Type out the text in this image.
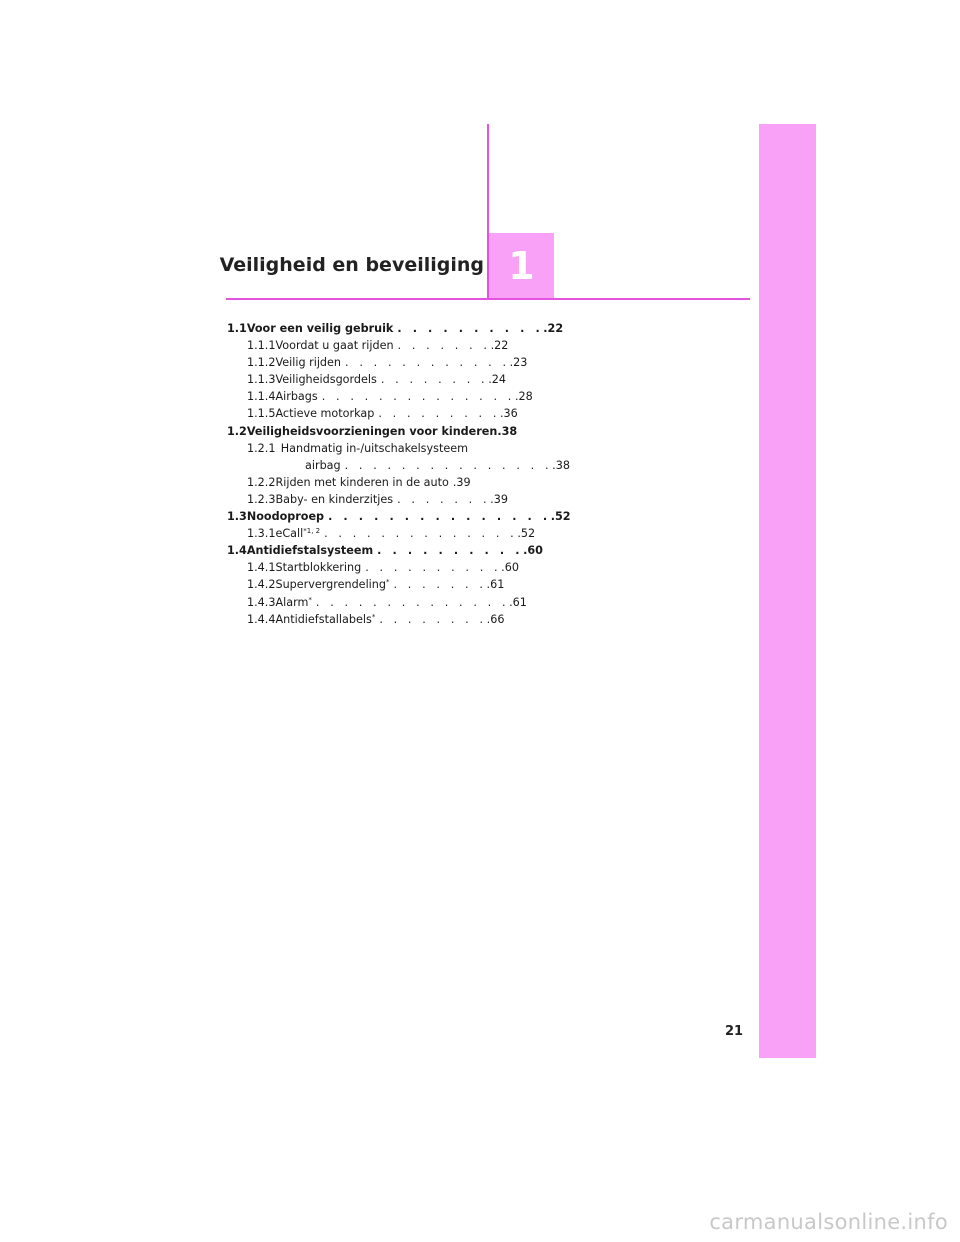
1
Veiligheid en beveiliging
1.1 Voor een veilig gebruik . . . . . . . . . . .22
1.1.1 Voordat u gaat rijden . . . . . . . .22
1.1.2 Veilig rijden . . . . . . . . . . . . .23
1.1.3 Veiligheidsgordels . . . . . . . . .24
1.1.4 Airbags . . . . . . . . . . . . . . .28
1.1.5 Actieve motorkap . . . . . . . . . .36
1.2 Veiligheidsvoorzieningen voor kinderen .38
1.2.1 Handmatig in-/uitschakelsysteem
airbag . . . . . . . . . . . . . . . .38
1.2.2 Rijden met kinderen in de auto .39
1.2.3 Baby- en kinderzitjes . . . . . . . .39
1.3 Noodoproep . . . . . . . . . . . . . . . .52
1.3.1 eCall$^{*1, 2}$ . . . . . . . . . . . . . . .52
1.4 Antidiefstalsysteem . . . . . . . . . . .60
1.4.1 Startblokkering . . . . . . . . . . .60
1.4.2 Supervergrendeling* . . . . . . . .61
1.4.3 Alarm* . . . . . . . . . . . . . . .61
1.4.4 Antidiefstallabels* . . . . . . . . .66
21
carmanualsonline.info
